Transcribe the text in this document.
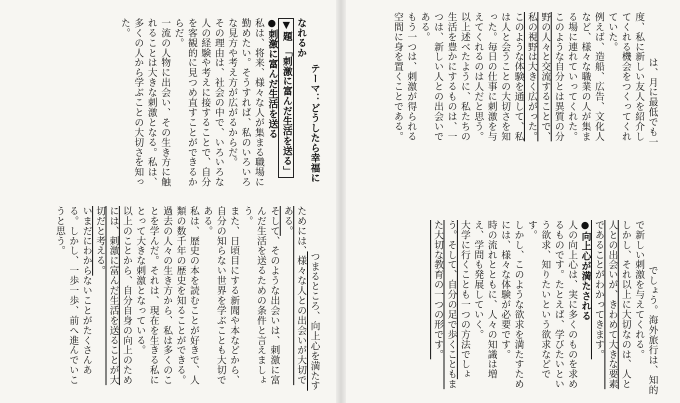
テーマ：どうしたら幸福になれるか
▼題　「刺激に富んだ生活を送る」
●刺激に富んだ生活を送る
私は、将来、様々な人が集まる職場に勤めたい。そうすれば、私のいろいろな見方や考え方が広がるからだ。
その理由は、社会の中で、いろいろな人の経験や考えに接することで、自分を客観的に見つめ直すことができるからだ。
一流の人物に出会い、その生き方に触れることは大きな刺激となる。私は、多くの人から学ぶことの大切さを知った。

つまるところ、向上心を満たすためには、様々な人との出会いが大切である。
そして、そのような出会いは、刺激に富んだ生活を送るための条件と言えましょう。
また、日頃目にする新聞や本などから、自分の知らない世界を学ぶことも大切である。
私は、歴史の本を読むことが好きで、人類の数千年の歴史を知ることができる。
過去の人々の生き方から、私は多くのことを学んだ。それは、現在を生きる私にとって大きな刺激となっている。
以上のことから、自分自身の向上のためには、刺激に富んだ生活を送ることが大切だと考える。
いまだにわからないことがたくさんある。しかし、一歩一歩、前へ進んでいこうと思う。

は、月に最低でも一度、私に新しい友人を紹介してくれる機会をつくってくれていた。
例えば、造船、広告、文化人など、様々な職業の人が集まる場に連れていってくれた。
このような自分とは異質の分野の人々と交流することで、私の視野は大きく広がった。
このような体験を通して、私は人と会うことの大切さを知った。毎日の仕事に刺激を与えてくれるのは人だと思う。
以上述べたように、私たちの生活を豊かにするものは、一つは、新しい人との出会いである。
もう一つは、刺激が得られる空間に身を置くことである。

でしょう。海外旅行は、知的で新しい刺激を与えてくれる。
しかし、それ以上に大切なのは、人と人との出会いが、きわめて大きな要素であることがわかってきます。
●向上心が満たされる
人の向上心は、実に多くのものを求めるものです。たとえば、学びたいという欲求、知りたいという欲求などです。
しかし、このような欲求を満たすためには、様々な体験が必要です。
時の流れとともに、人々の知識は増え、学問も発展していく。
大学に行くことも一つの方法でしょう。そして、自分の足で歩くこともまた大切な教育の一つの形です。
